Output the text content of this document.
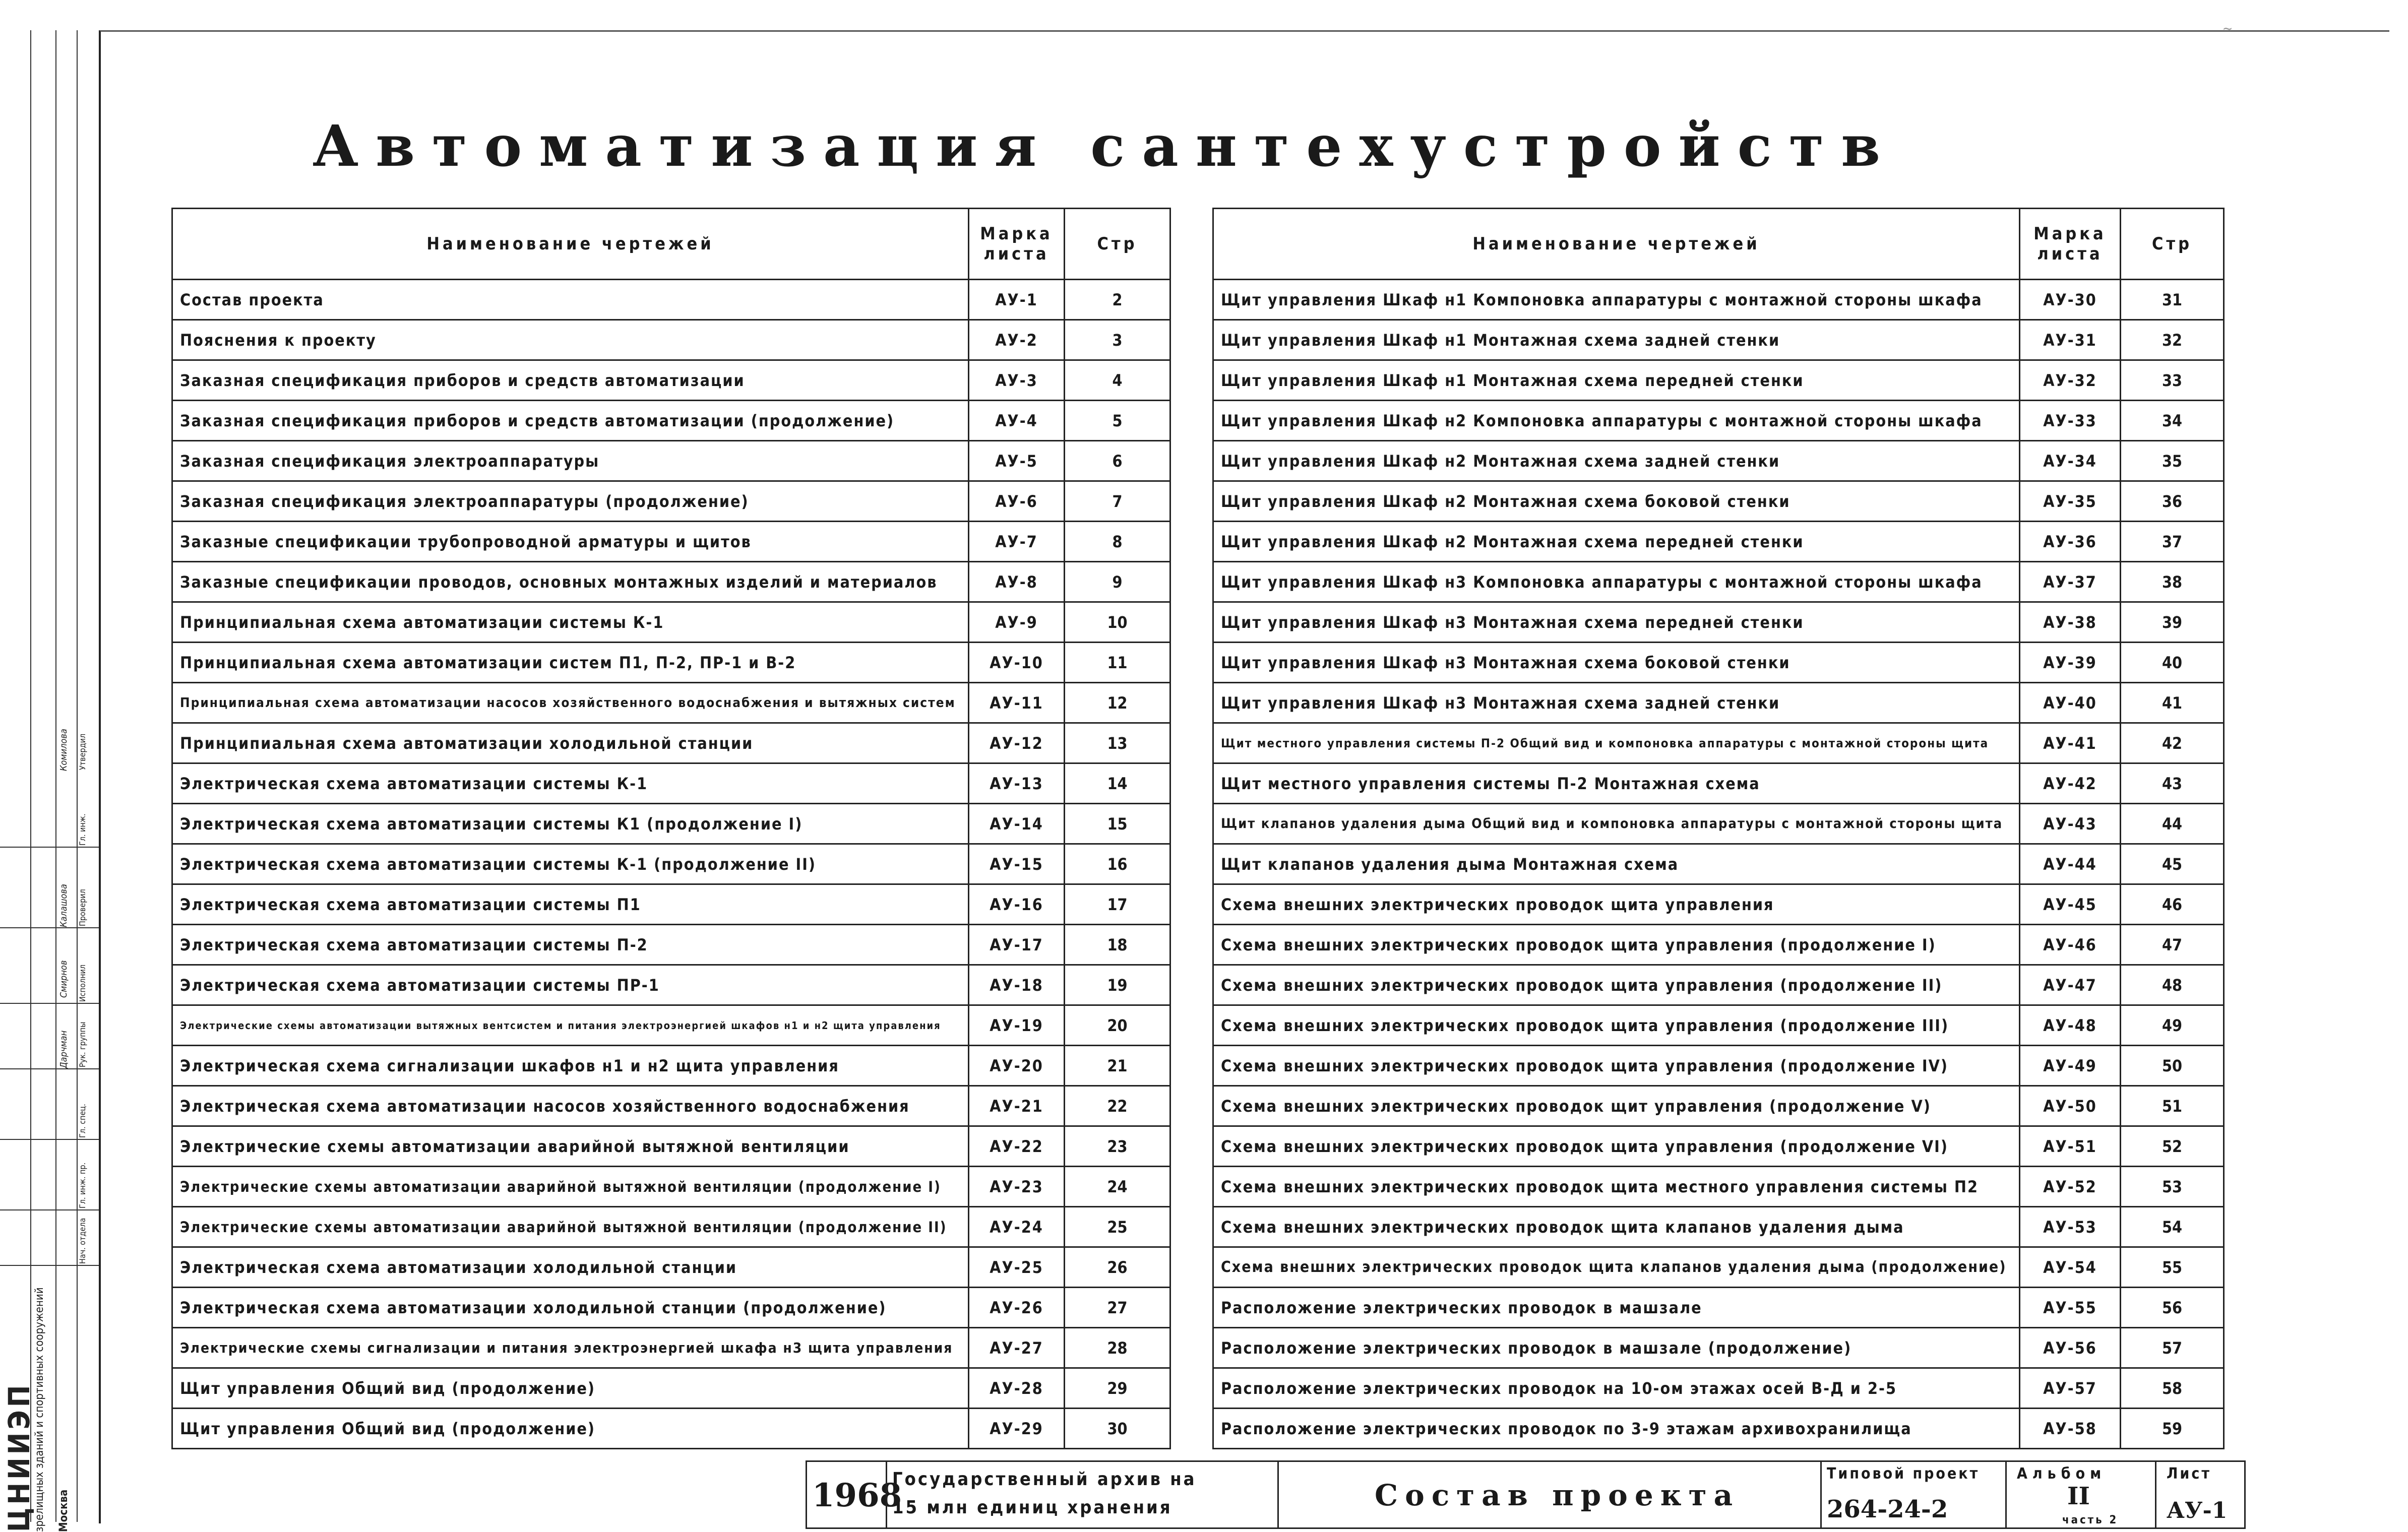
ЦНИИЭП
зрелищных зданий и спортивных сооружений Москва
Нач. отдела
Гл. инж. пр.
Гл. спец.
Рук. группы
Исполнил
Проверил
Гл. инж.
Утвердил
Дарчман
Смирнов
Калашова
Комилова
~
Автоматизация сантехустройств
Наименование чертежей	Марка листа	Стр
Состав проекта	АУ-1	2
Пояснения к проекту	АУ-2	3
Заказная спецификация приборов и средств автоматизации	АУ-3	4
Заказная спецификация приборов и средств автоматизации (продолжение)	АУ-4	5
Заказная спецификация электроаппаратуры	АУ-5	6
Заказная спецификация электроаппаратуры (продолжение)	АУ-6	7
Заказные спецификации трубопроводной арматуры и щитов	АУ-7	8
Заказные спецификации проводов, основных монтажных изделий и материалов	АУ-8	9
Принципиальная схема автоматизации системы К-1	АУ-9	10
Принципиальная схема автоматизации систем П1, П-2, ПР-1 и В-2	АУ-10	11
Принципиальная схема автоматизации насосов хозяйственного водоснабжения и вытяжных систем	АУ-11	12
Принципиальная схема автоматизации холодильной станции	АУ-12	13
Электрическая схема автоматизации системы К-1	АУ-13	14
Электрическая схема автоматизации системы К1 (продолжение I)	АУ-14	15
Электрическая схема автоматизации системы К-1 (продолжение II)	АУ-15	16
Электрическая схема автоматизации системы П1	АУ-16	17
Электрическая схема автоматизации системы П-2	АУ-17	18
Электрическая схема автоматизации системы ПР-1	АУ-18	19
Электрические схемы автоматизации вытяжных вентсистем и питания электроэнергией шкафов н1 и н2 щита управления	АУ-19	20
Электрическая схема сигнализации шкафов н1 и н2 щита управления	АУ-20	21
Электрическая схема автоматизации насосов хозяйственного водоснабжения	АУ-21	22
Электрические схемы автоматизации аварийной вытяжной вентиляции	АУ-22	23
Электрические схемы автоматизации аварийной вытяжной вентиляции (продолжение I)	АУ-23	24
Электрические схемы автоматизации аварийной вытяжной вентиляции (продолжение II)	АУ-24	25
Электрическая схема автоматизации холодильной станции	АУ-25	26
Электрическая схема автоматизации холодильной станции (продолжение)	АУ-26	27
Электрические схемы сигнализации и питания электроэнергией шкафа н3 щита управления	АУ-27	28
Щит управления Общий вид (продолжение)	АУ-28	29
Щит управления Общий вид (продолжение)	АУ-29	30
Наименование чертежей	Марка листа	Стр
Щит управления Шкаф н1 Компоновка аппаратуры с монтажной стороны шкафа	АУ-30	31
Щит управления Шкаф н1 Монтажная схема задней стенки	АУ-31	32
Щит управления Шкаф н1 Монтажная схема передней стенки	АУ-32	33
Щит управления Шкаф н2 Компоновка аппаратуры с монтажной стороны шкафа	АУ-33	34
Щит управления Шкаф н2 Монтажная схема задней стенки	АУ-34	35
Щит управления Шкаф н2 Монтажная схема боковой стенки	АУ-35	36
Щит управления Шкаф н2 Монтажная схема передней стенки	АУ-36	37
Щит управления Шкаф н3 Компоновка аппаратуры с монтажной стороны шкафа	АУ-37	38
Щит управления Шкаф н3 Монтажная схема передней стенки	АУ-38	39
Щит управления Шкаф н3 Монтажная схема боковой стенки	АУ-39	40
Щит управления Шкаф н3 Монтажная схема задней стенки	АУ-40	41
Щит местного управления системы П-2 Общий вид и компоновка аппаратуры с монтажной стороны щита	АУ-41	42
Щит местного управления системы П-2 Монтажная схема	АУ-42	43
Щит клапанов удаления дыма Общий вид и компоновка аппаратуры с монтажной стороны щита	АУ-43	44
Щит клапанов удаления дыма Монтажная схема	АУ-44	45
Схема внешних электрических проводок щита управления	АУ-45	46
Схема внешних электрических проводок щита управления (продолжение I)	АУ-46	47
Схема внешних электрических проводок щита управления (продолжение II)	АУ-47	48
Схема внешних электрических проводок щита управления (продолжение III)	АУ-48	49
Схема внешних электрических проводок щита управления (продолжение IV)	АУ-49	50
Схема внешних электрических проводок щит управления (продолжение V)	АУ-50	51
Схема внешних электрических проводок щита управления (продолжение VI)	АУ-51	52
Схема внешних электрических проводок щита местного управления системы П2	АУ-52	53
Схема внешних электрических проводок щита клапанов удаления дыма	АУ-53	54
Схема внешних электрических проводок щита клапанов удаления дыма (продолжение)	АУ-54	55
Расположение электрических проводок в машзале	АУ-55	56
Расположение электрических проводок в машзале (продолжение)	АУ-56	57
Расположение электрических проводок на 10-ом этажах осей В-Д и 2-5	АУ-57	58
Расположение электрических проводок по 3-9 этажам архивохранилища	АУ-58	59
1968
Государственный архив на
15 млн единиц хранения	Состав проекта
Типовой проект
264-24-2
Альбом
II
часть 2
Лист
АУ-1
